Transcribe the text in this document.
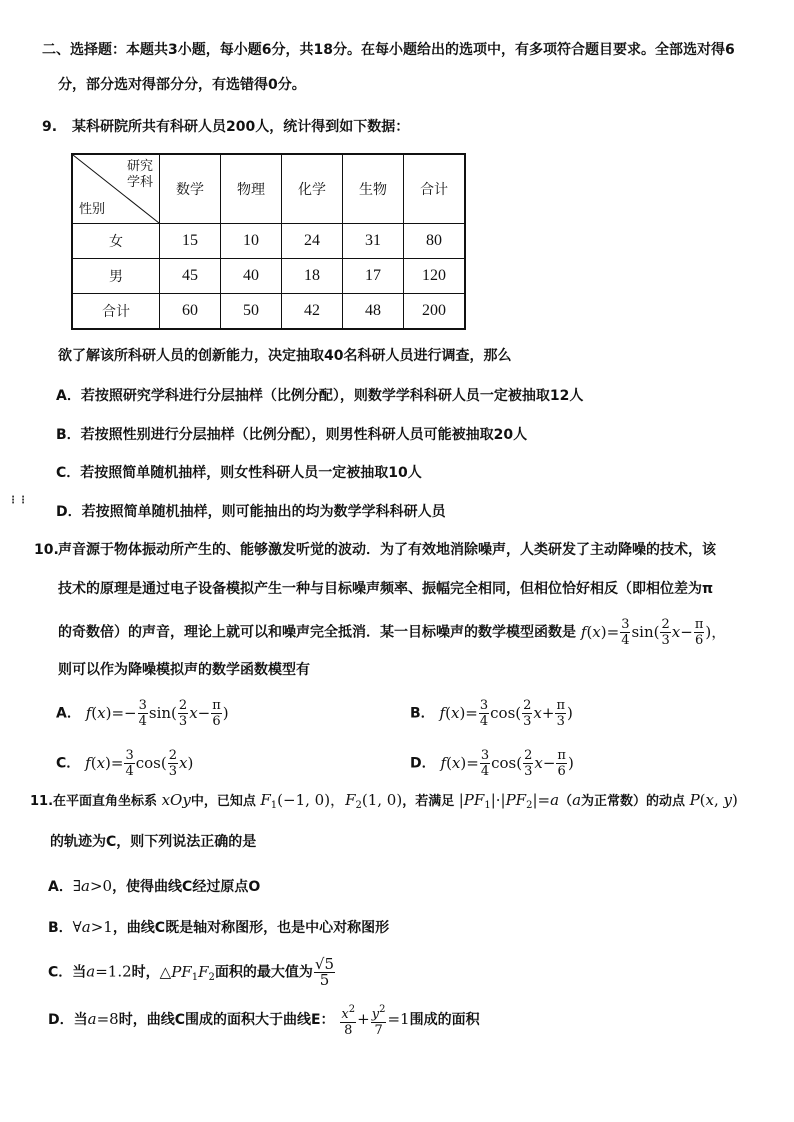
二、选择题：本题共3小题，每小题6分，共18分。在每小题给出的选项中，有多项符合题目要求。全部选对得6
分，部分选对得部分分，有选错得0分。
9. 某科研院所共有科研人员200人，统计得到如下数据：
研究
学科
性别	数学	物理	化学	生物	合计
女	15	10	24	31	80
男	45	40	18	17	120
合计	60	50	42	48	200
欲了解该所科研人员的创新能力，决定抽取40名科研人员进行调查，那么
A．若按照研究学科进行分层抽样（比例分配），则数学学科科研人员一定被抽取12人
B．若按照性别进行分层抽样（比例分配），则男性科研人员可能被抽取20人
C．若按照简单随机抽样，则女性科研人员一定被抽取10人
D．若按照简单随机抽样，则可能抽出的均为数学学科科研人员
⋮⋮
10. 声音源于物体振动所产生的、能够激发听觉的波动．为了有效地消除噪声，人类研发了主动降噪的技术，该
技术的原理是通过电子设备模拟产生一种与目标噪声频率、振幅完全相同，但相位恰好相反（即相位差为π
的奇数倍）的声音，理论上就可以和噪声完全抵消．某一目标噪声的数学模型函数是 $f(x)= \frac{3}{4} \sin( \frac{2}{3} x- \frac{\pi}{6}$ )，
则可以作为降噪模拟声的数学函数模型有
A． $f(x)=- \frac{3}{4} \sin( \frac{2}{3} x- \frac{\pi}{6}$ )	B． $f(x)= \frac{3}{4} \cos( \frac{2}{3} x+ \frac{\pi}{3}$ )
C． $f(x)= \frac{3}{4} \cos( \frac{2}{3} x)$	D． $f(x)= \frac{3}{4} \cos( \frac{2}{3} x- \frac{\pi}{6}$ )
11.在平面直角坐标系 xOy中，已知点 $F_1(-1$, 0)，$F_2(1$, 0)，若满足 $|PF_1|\cdot|PF_2|=a(a$为正常数）的动点 P(x, y)
的轨迹为C，则下列说法正确的是
A．∃a>0，使得曲线C经过原点O
B．∀a>1，曲线C既是轴对称图形，也是中心对称图形
C．当a=1.2时，$\triangle PF_1F_2$面积的最大值为 $\frac{√5}{5}$
D．当a=8时，曲线C围成的面积大于曲线E： $\frac{x^2}{8} + \frac{y^2}{7} =1$围成的面积
